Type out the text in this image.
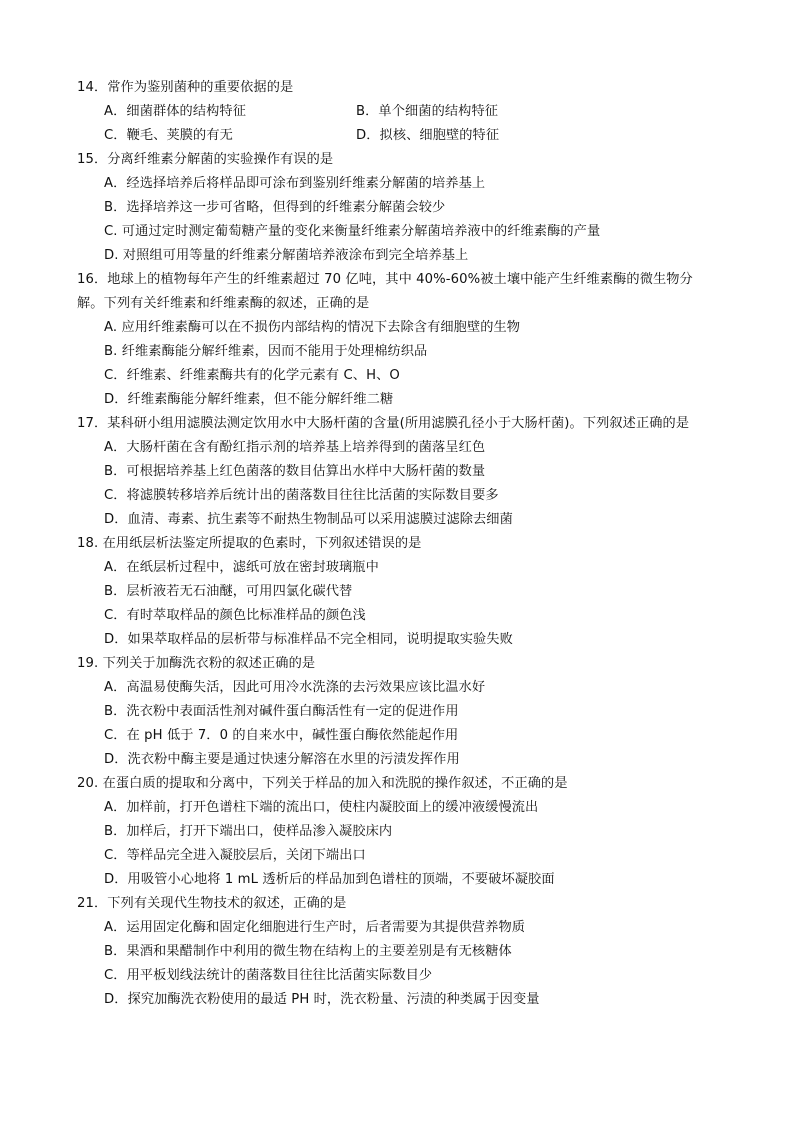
14．常作为鉴别菌种的重要依据的是
A．细菌群体的结构特征	B．单个细菌的结构特征
C．鞭毛、荚膜的有无	D．拟核、细胞壁的特征
15．分离纤维素分解菌的实验操作有误的是
A．经选择培养后将样品即可涂布到鉴别纤维素分解菌的培养基上
B．选择培养这一步可省略，但得到的纤维素分解菌会较少
C. 可通过定时测定葡萄糖产量的变化来衡量纤维素分解菌培养液中的纤维素酶的产量
D. 对照组可用等量的纤维素分解菌培养液涂布到完全培养基上
16．地球上的植物每年产生的纤维素超过 70 亿吨，其中 40%-60%被土壤中能产生纤维素酶的微生物分
解。下列有关纤维素和纤维素酶的叙述，正确的是
A. 应用纤维素酶可以在不损伤内部结构的情况下去除含有细胞壁的生物
B. 纤维素酶能分解纤维素，因而不能用于处理棉纺织品
C．纤维素、纤维素酶共有的化学元素有 C、H、O
D．纤维素酶能分解纤维素，但不能分解纤维二糖
17．某科研小组用滤膜法测定饮用水中大肠杆菌的含量(所用滤膜孔径小于大肠杆菌)。下列叙述正确的是
A．大肠杆菌在含有酚红指示剂的培养基上培养得到的菌落呈红色
B．可根据培养基上红色菌落的数目估算出水样中大肠杆菌的数量
C．将滤膜转移培养后统计出的菌落数目往往比活菌的实际数目要多
D．血清、毒素、抗生素等不耐热生物制品可以采用滤膜过滤除去细菌
18. 在用纸层析法鉴定所提取的色素时，下列叙述错误的是
A．在纸层析过程中，滤纸可放在密封玻璃瓶中
B．层析液若无石油醚，可用四氯化碳代替
C．有时萃取样品的颜色比标准样品的颜色浅
D．如果萃取样品的层析带与标准样品不完全相同，说明提取实验失败
19. 下列关于加酶洗衣粉的叙述正确的是
A．高温易使酶失活，因此可用冷水洗涤的去污效果应该比温水好
B．洗衣粉中表面活性剂对碱件蛋白酶活性有一定的促进作用
C．在 pH 低于 7．0 的自来水中，碱性蛋白酶依然能起作用
D．洗衣粉中酶主要是通过快速分解溶在水里的污渍发挥作用
20. 在蛋白质的提取和分离中，下列关于样品的加入和洗脱的操作叙述，不正确的是
A．加样前，打开色谱柱下端的流出口，使柱内凝胶面上的缓冲液缓慢流出
B．加样后，打开下端出口，使样品渗入凝胶床内
C．等样品完全进入凝胶层后，关闭下端出口
D．用吸管小心地将 1 mL 透析后的样品加到色谱柱的顶端，不要破坏凝胶面
21．下列有关现代生物技术的叙述，正确的是
A．运用固定化酶和固定化细胞进行生产时，后者需要为其提供营养物质
B．果酒和果醋制作中利用的微生物在结构上的主要差别是有无核糖体
C．用平板划线法统计的菌落数目往往比活菌实际数目少
D．探究加酶洗衣粉使用的最适 PH 时，洗衣粉量、污渍的种类属于因变量
